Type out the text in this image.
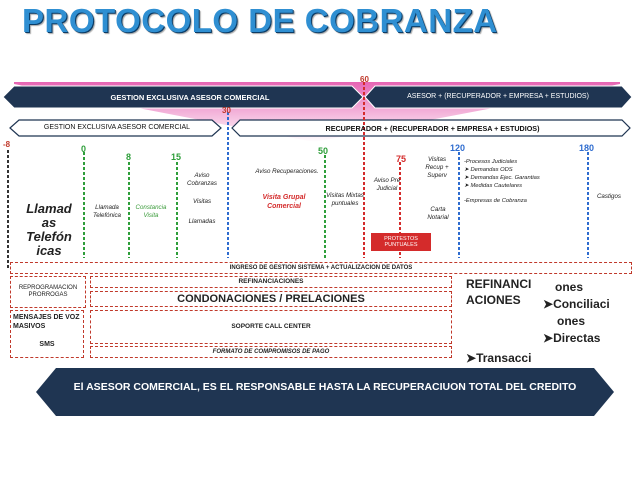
PROTOCOLO DE COBRANZA
GESTION EXCLUSIVA ASESOR COMERCIAL	ASESOR + (RECUPERADOR + EMPRESA + ESTUDIOS)
60
GESTION EXCLUSIVA ASESOR COMERCIAL	RECUPERADOR + (RECUPERADOR + EMPRESA + ESTUDIOS)
30
-8	0
8	15
50
75
120	180
Llamad as
Telefón icas
Llamada Telefónica
Constancia Visita
Aviso Cobranzas
Visitas
Llamadas
Aviso Recuperaciones.
Visita Grupal Comercial
Visitas Mixtas puntuales
Aviso Pre Judicial
Visitas Recup + Superv
Carta Notarial
PROTESTOS PUNTUALES
-Procesos Judiciales
➤ Demandas ODS
➤ Demandas Ejec. Garantias
➤ Medidas Cautelares
-Empresas de Cobranza
Castigos
INGRESO DE GESTION SISTEMA + ACTUALIZACION DE DATOS
REPROGRAMACION PRORROGAS
REFINANCIACIONES
CONDONACIONES / PRELACIONES
MENSAJES DE VOZ MASIVOS
SMS
SOPORTE CALL CENTER
FORMATO DE COMPROMISOS DE PAGO
REFINANCI
ACIONES
ones
➤Conciliaci
ones
➤Directas
➤Transacci
El ASESOR COMERCIAL, ES EL RESPONSABLE HASTA LA RECUPERACIUON TOTAL DEL CREDITO
